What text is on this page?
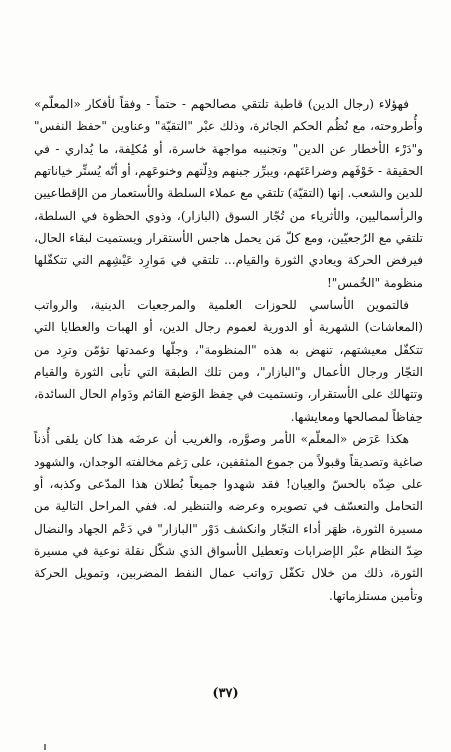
فهؤلاء (رجال الدين) قاطبة تلتقي مصالحهم - حتماً - وفقاً لأفكار «المعلّم» وأُطروحته، مع نُظُم الحكم الجائرة، وذلك عبْر "التقيّة" وعناوين "حفظ النفس" و"دَرْء الأخطار عن الدين" وتجنيبه مواجهة خاسرة، أو مُكلِفة، ما يُداري - في الحقيقة - خَوْفَهم وضراعَتَهم، ويبرِّر جبنهم وذِلّتهم وخنوعَهم، أو أنّه يُستِّر خياناتهم للدين والشعب. إنها (التقيّة) تلتقي مع عملاء السلطة والأستعمار من الإقطاعيين والرأسماليين، والأثرياء من تُجّار السوق (البازار)، وذوي الحظوة في السلطة، تلتقي مع الرُجعيّين، ومع كلّ مَن يحمل هاجس الأستقرار ويستميت لبقاء الحال، فيرفض الحركة ويعادي الثورة والقيام... تلتقي في مَوارِد عَيْشِهم التي تتكفّلها منظومة "الخُمس"!

فالتموين الأساسي للحوزات العلمية والمرجعيات الدينية، والرواتب (المعاشات) الشهرية أو الدورية لعموم رجال الدين، أو الهبات والعطايا التي تتكفّل معيشتهم، تنهض به هذه "المنظومة"، وجلّها وعمدتها تؤمّن وترِد من التجّار ورجال الأعمال و"البازار"، ومن تلك الطبقة التي تأبى الثورة والقيام وتتهالك على الأستقرار، وتستميت في حِفظ الوَضع القائم ودَوام الحال السائدة، حِفاظاً لمصالحها ومعايشها.

هكذا عَرَض «المعلّم» الأمر وصوَّره، والغريب أن عرضَه هذا كان يلقى أُذناً صاغية وتصديقاً وقبولاً من جموع المثقفين، على رَغم مخالفته الوجدان، والشهود على ضِدّه بالحسّ والعِيان! فقد شهدوا جميعاً بُطلان هذا المدّعى وكذبه، أو التحامل والتعسّف في تصويره وعرضه والتنظير له. ففي المراحل التالية من مسيرة الثورة، ظهَر أداء التجّار وانكشف دَوْر "البازار" في دَعْم الجهاد والنضال ضِدّ النظام عبْر الإضرابات وتعطيل الأسواق الذي شكّل نقلة نوعية في مسيرة الثورة، ذلك من خلال تكفّل رَواتب عمال النفط المضربين، وتمويل الحركة وتأمين مستلزماتها.

(٣٧)
